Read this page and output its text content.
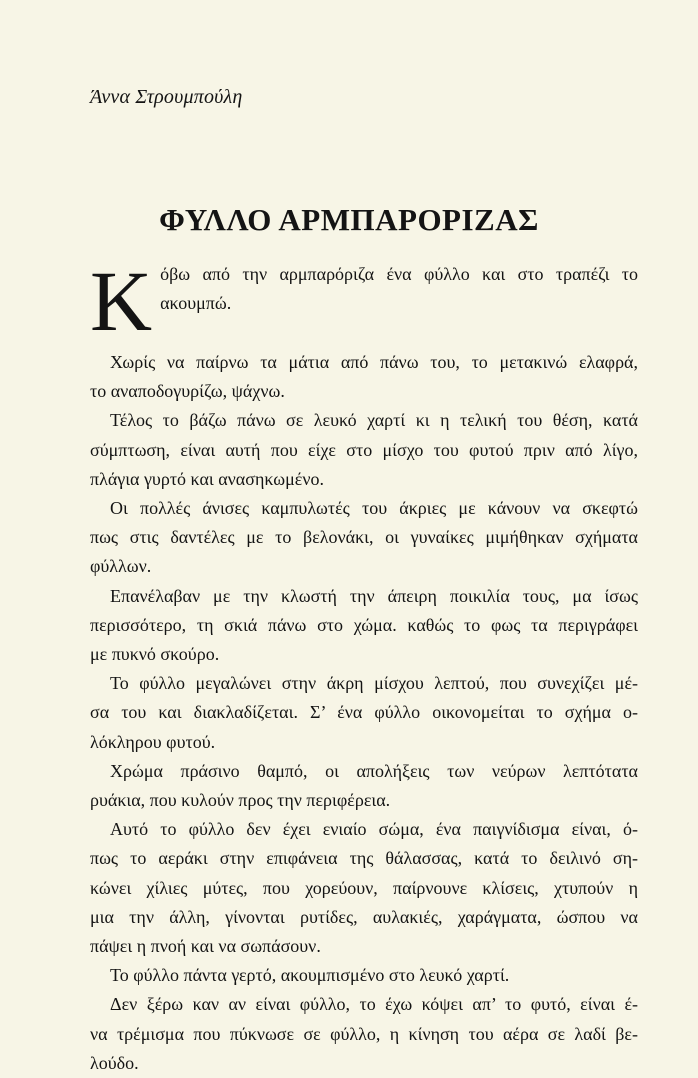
Άννα Στρουμπούλη
ΦΥΛΛΟ ΑΡΜΠΑΡΟΡΙΖΑΣ
Κ όβω από την αρμπαρόριζα ένα φύλλο και στο τραπέζι το
ακουμπώ.
Χωρίς να παίρνω τα μάτια από πάνω του, το μετακινώ ελαφρά,
το αναποδογυρίζω, ψάχνω.
Τέλος το βάζω πάνω σε λευκό χαρτί κι η τελική του θέση, κατά
σύμπτωση, είναι αυτή που είχε στο μίσχο του φυτού πριν από λίγο,
πλάγια γυρτό και ανασηκωμένο.
Οι πολλές άνισες καμπυλωτές του άκριες με κάνουν να σκεφτώ
πως στις δαντέλες με το βελονάκι, οι γυναίκες μιμήθηκαν σχήματα
φύλλων.
Επανέλαβαν με την κλωστή την άπειρη ποικιλία τους, μα ίσως
περισσότερο, τη σκιά πάνω στο χώμα. καθώς το φως τα περιγράφει
με πυκνό σκούρο.
Το φύλλο μεγαλώνει στην άκρη μίσχου λεπτού, που συνεχίζει μέ-
σα του και διακλαδίζεται. Σ’ ένα φύλλο οικονομείται το σχήμα ο-
λόκληρου φυτού.
Χρώμα πράσινο θαμπό, οι απολήξεις των νεύρων λεπτότατα
ρυάκια, που κυλούν προς την περιφέρεια.
Αυτό το φύλλο δεν έχει ενιαίο σώμα, ένα παιγνίδισμα είναι, ό-
πως το αεράκι στην επιφάνεια της θάλασσας, κατά το δειλινό ση-
κώνει χίλιες μύτες, που χορεύουν, παίρνουνε κλίσεις, χτυπούν η
μια την άλλη, γίνονται ρυτίδες, αυλακιές, χαράγματα, ώσπου να
πάψει η πνοή και να σωπάσουν.
Το φύλλο πάντα γερτό, ακουμπισμένο στο λευκό χαρτί.
Δεν ξέρω καν αν είναι φύλλο, το έχω κόψει απ’ το φυτό, είναι έ-
να τρέμισμα που πύκνωσε σε φύλλο, η κίνηση του αέρα σε λαδί βε-
λούδο.
